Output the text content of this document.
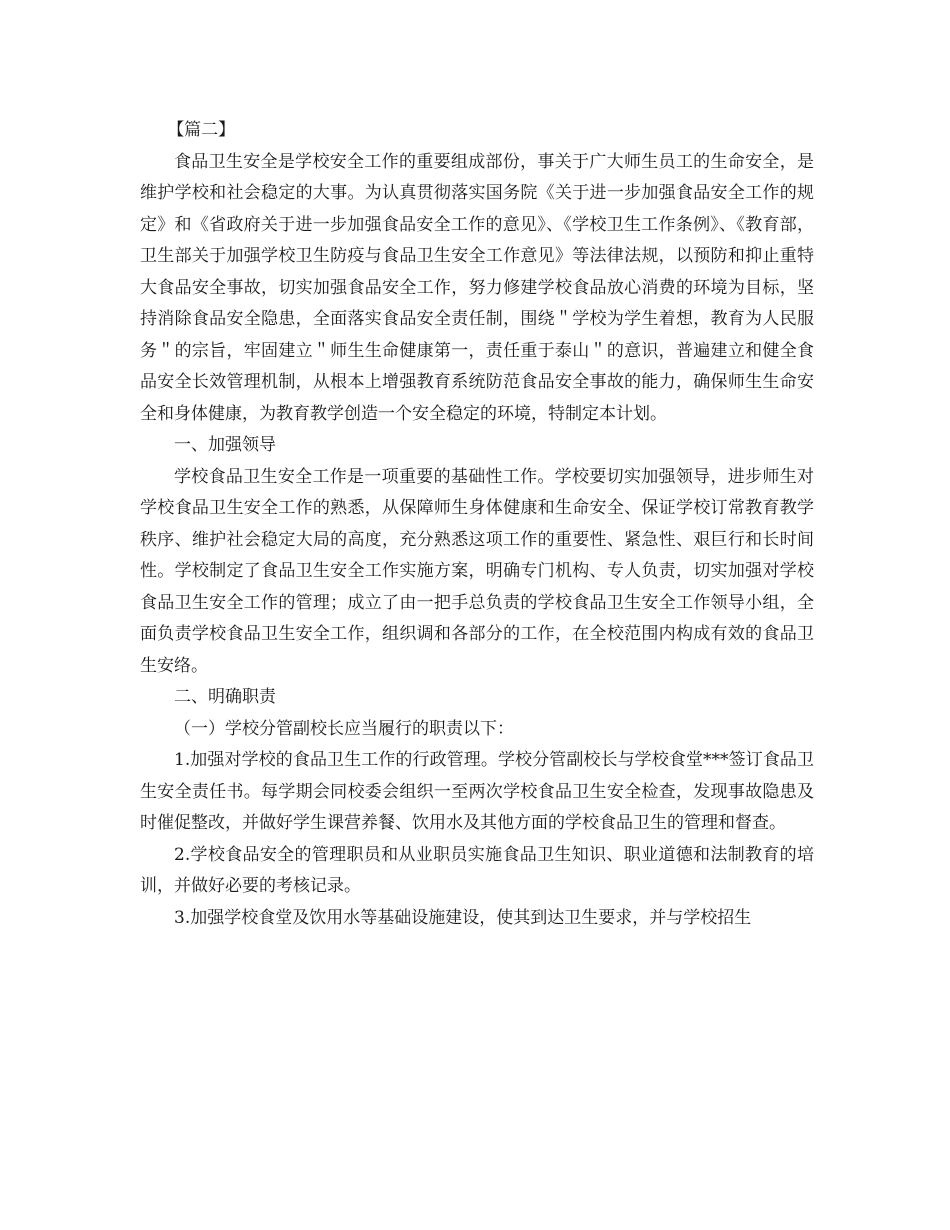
【篇二】

食品卫生安全是学校安全工作的重要组成部份，事关于广大师生员工的生命安全，是维护学校和社会稳定的大事。为认真贯彻落实国务院《关于进一步加强食品安全工作的规定》和《省政府关于进一步加强食品安全工作的意见》、《学校卫生工作条例》、《教育部，卫生部关于加强学校卫生防疫与食品卫生安全工作意见》等法律法规，以预防和抑止重特大食品安全事故，切实加强食品安全工作，努力修建学校食品放心消费的环境为目标，坚持消除食品安全隐患，全面落实食品安全责任制，围绕＂学校为学生着想，教育为人民服务＂的宗旨，牢固建立＂师生生命健康第一，责任重于泰山＂的意识，普遍建立和健全食品安全长效管理机制，从根本上增强教育系统防范食品安全事故的能力，确保师生生命安全和身体健康，为教育教学创造一个安全稳定的环境，特制定本计划。

一、加强领导

学校食品卫生安全工作是一项重要的基础性工作。学校要切实加强领导，进步师生对学校食品卫生安全工作的熟悉，从保障师生身体健康和生命安全、保证学校订常教育教学秩序、维护社会稳定大局的高度，充分熟悉这项工作的重要性、紧急性、艰巨行和长时间性。学校制定了食品卫生安全工作实施方案，明确专门机构、专人负责，切实加强对学校食品卫生安全工作的管理；成立了由一把手总负责的学校食品卫生安全工作领导小组，全面负责学校食品卫生安全工作，组织调和各部分的工作，在全校范围内构成有效的食品卫生安络。

二、明确职责

（一）学校分管副校长应当履行的职责以下：

1.加强对学校的食品卫生工作的行政管理。学校分管副校长与学校食堂***签订食品卫生安全责任书。每学期会同校委会组织一至两次学校食品卫生安全检查，发现事故隐患及时催促整改，并做好学生课营养餐、饮用水及其他方面的学校食品卫生的管理和督查。

2.学校食品安全的管理职员和从业职员实施食品卫生知识、职业道德和法制教育的培训，并做好必要的考核记录。

3.加强学校食堂及饮用水等基础设施建设，使其到达卫生要求，并与学校招生
